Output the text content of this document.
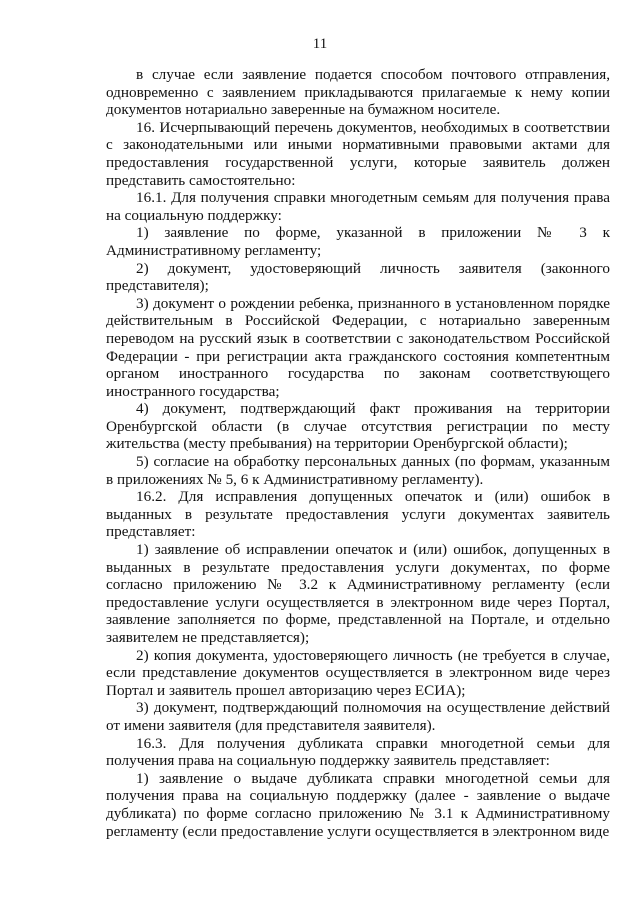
11

в случае если заявление подается способом почтового отправления, одновременно с заявлением прикладываются прилагаемые к нему копии документов нотариально заверенные на бумажном носителе.

16. Исчерпывающий перечень документов, необходимых в соответствии с законодательными или иными нормативными правовыми актами для предоставления государственной услуги, которые заявитель должен представить самостоятельно:

16.1. Для получения справки многодетным семьям для получения права на социальную поддержку:

1) заявление по форме, указанной в приложении № 3 к Административному регламенту;

2) документ, удостоверяющий личность заявителя (законного представителя);

3) документ о рождении ребенка, признанного в установленном порядке действительным в Российской Федерации, с нотариально заверенным переводом на русский язык в соответствии с законодательством Российской Федерации - при регистрации акта гражданского состояния компетентным органом иностранного государства по законам соответствующего иностранного государства;

4) документ, подтверждающий факт проживания на территории Оренбургской области (в случае отсутствия регистрации по месту жительства (месту пребывания) на территории Оренбургской области);

5) согласие на обработку персональных данных (по формам, указанным в приложениях № 5, 6 к Административному регламенту).

16.2. Для исправления допущенных опечаток и (или) ошибок в выданных в результате предоставления услуги документах заявитель представляет:

1) заявление об исправлении опечаток и (или) ошибок, допущенных в выданных в результате предоставления услуги документах, по форме согласно приложению № 3.2 к Административному регламенту (если предоставление услуги осуществляется в электронном виде через Портал, заявление заполняется по форме, представленной на Портале, и отдельно заявителем не представляется);

2) копия документа, удостоверяющего личность (не требуется в случае, если представление документов осуществляется в электронном виде через Портал и заявитель прошел авторизацию через ЕСИА);

3) документ, подтверждающий полномочия на осуществление действий от имени заявителя (для представителя заявителя).

16.3. Для получения дубликата справки многодетной семьи для получения права на социальную поддержку заявитель представляет:

1) заявление о выдаче дубликата справки многодетной семьи для получения права на социальную поддержку (далее - заявление о выдаче дубликата) по форме согласно приложению № 3.1 к Административному регламенту (если предоставление услуги осуществляется в электронном виде
